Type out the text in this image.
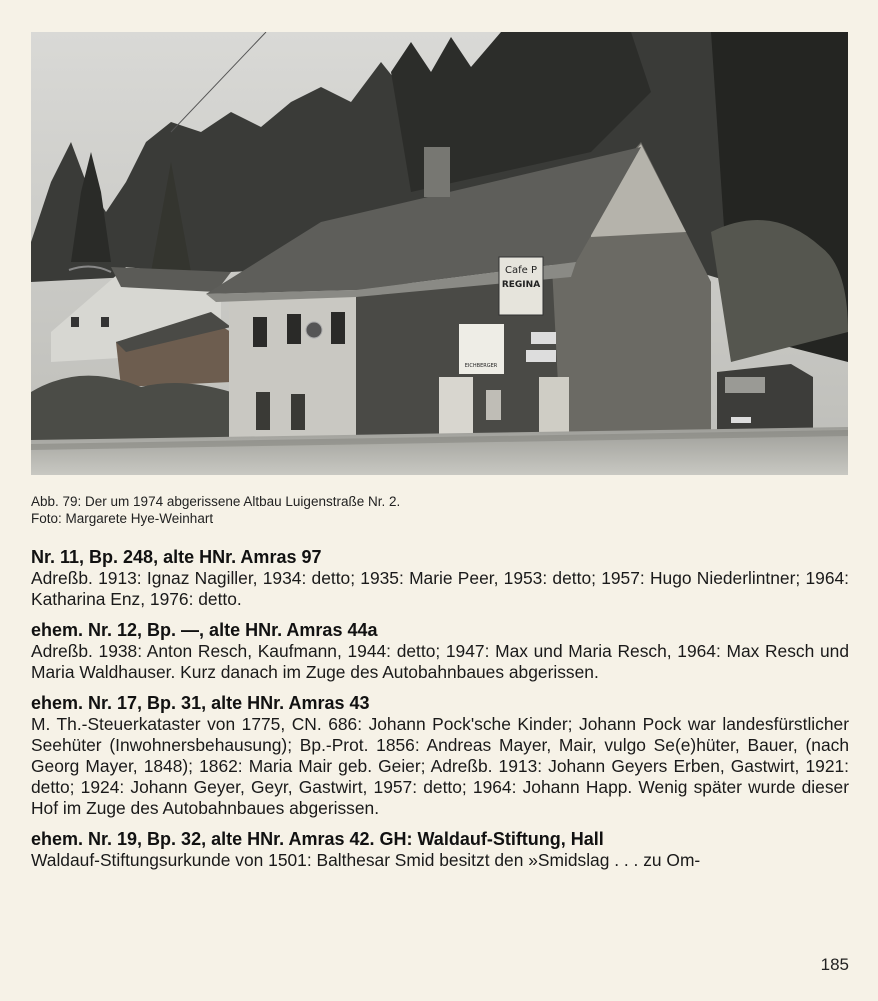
Cafe P
REGINA
EICHBERGER
Abb. 79: Der um 1974 abgerissene Altbau Luigenstraße Nr. 2.
Foto: Margarete Hye-Weinhart
Nr. 11, Bp. 248, alte HNr. Amras 97

Adreßb. 1913: Ignaz Nagiller, 1934: detto; 1935: Marie Peer, 1953: detto; 1957: Hugo Niederlintner; 1964: Katharina Enz, 1976: detto.

ehem. Nr. 12, Bp. —, alte HNr. Amras 44a

Adreßb. 1938: Anton Resch, Kaufmann, 1944: detto; 1947: Max und Maria Resch, 1964: Max Resch und Maria Waldhauser. Kurz danach im Zuge des Autobahnbaues abgerissen.

ehem. Nr. 17, Bp. 31, alte HNr. Amras 43

M. Th.-Steuerkataster von 1775, CN. 686: Johann Pock'sche Kinder; Johann Pock war landesfürstlicher Seehüter (Inwohnersbehausung); Bp.-Prot. 1856: Andreas Mayer, Mair, vulgo Se(e)hüter, Bauer, (nach Georg Mayer, 1848); 1862: Maria Mair geb. Geier; Adreßb. 1913: Johann Geyers Erben, Gastwirt, 1921: detto; 1924: Johann Geyer, Geyr, Gastwirt, 1957: detto; 1964: Johann Happ. Wenig später wurde dieser Hof im Zuge des Autobahnbaues abgerissen.

ehem. Nr. 19, Bp. 32, alte HNr. Amras 42. GH: Waldauf-Stiftung, Hall

Waldauf-Stiftungsurkunde von 1501: Balthesar Smid besitzt den »Smidslag . . . zu Om-

185
